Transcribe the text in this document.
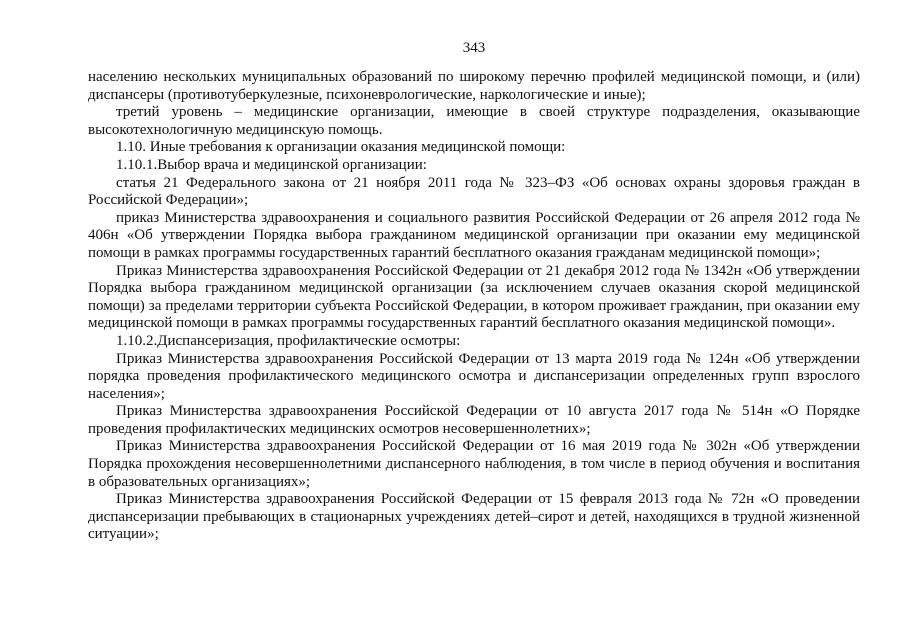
343

населению нескольких муниципальных образований по широкому перечню профилей медицинской помощи, и (или) диспансеры (противотуберкулезные, психоневрологические, наркологические и иные);

третий уровень – медицинские организации, имеющие в своей структуре подразделения, оказывающие высокотехнологичную медицинскую помощь.

1.10. Иные требования к организации оказания медицинской помощи:

1.10.1.Выбор врача и медицинской организации:

статья 21 Федерального закона от 21 ноября 2011 года № 323–ФЗ «Об основах охраны здоровья граждан в Российской Федерации»;

приказ Министерства здравоохранения и социального развития Российской Федерации от 26 апреля 2012 года № 406н «Об утверждении Порядка выбора гражданином медицинской организации при оказании ему медицинской помощи в рамках программы государственных гарантий бесплатного оказания гражданам медицинской помощи»;

Приказ Министерства здравоохранения Российской Федерации от 21 декабря 2012 года № 1342н «Об утверждении Порядка выбора гражданином медицинской организации (за исключением случаев оказания скорой медицинской помощи) за пределами территории субъекта Российской Федерации, в котором проживает гражданин, при оказании ему медицинской помощи в рамках программы государственных гарантий бесплатного оказания медицинской помощи».

1.10.2.Диспансеризация, профилактические осмотры:

Приказ Министерства здравоохранения Российской Федерации от 13 марта 2019 года № 124н «Об утверждении порядка проведения профилактического медицинского осмотра и диспансеризации определенных групп взрослого населения»;

Приказ Министерства здравоохранения Российской Федерации от 10 августа 2017 года № 514н «О Порядке проведения профилактических медицинских осмотров несовершеннолетних»;

Приказ Министерства здравоохранения Российской Федерации от 16 мая 2019 года № 302н «Об утверждении Порядка прохождения несовершеннолетними диспансерного наблюдения, в том числе в период обучения и воспитания в образовательных организациях»;

Приказ Министерства здравоохранения Российской Федерации от 15 февраля 2013 года № 72н «О проведении диспансеризации пребывающих в стационарных учреждениях детей–сирот и детей, находящихся в трудной жизненной ситуации»;
